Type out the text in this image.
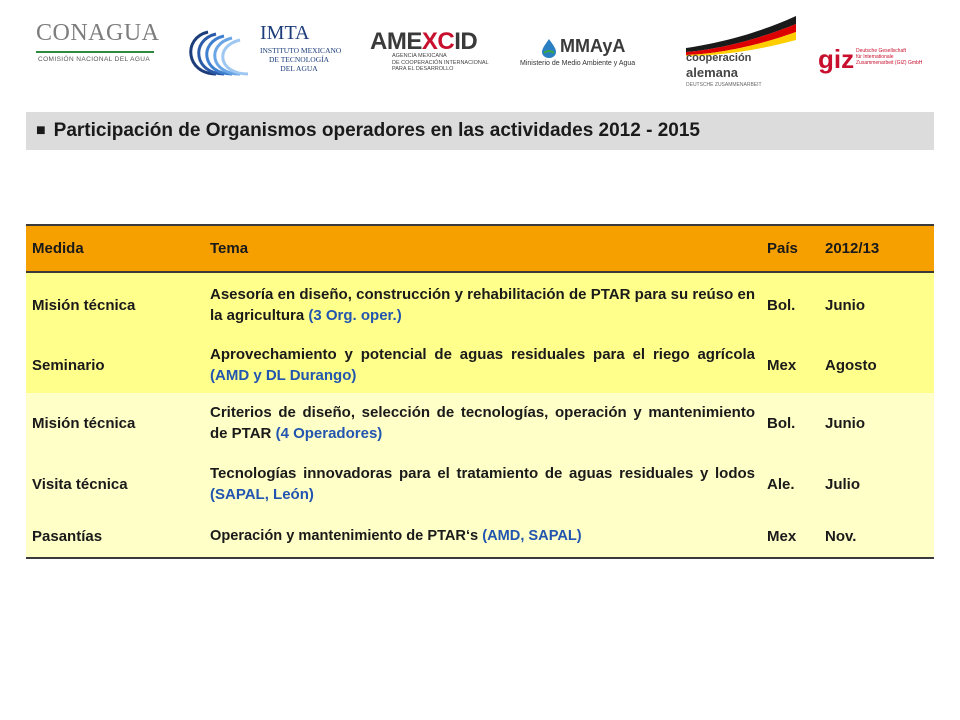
CONAGUA
COMISIÓN NACIONAL DEL AGUA
IMTA
INSTITUTO MEXICANO
DE TECNOLOGÍA
DEL AGUA
AMEXCID
AGENCIA MEXICANA
DE COOPERACIÓN INTERNACIONAL
PARA EL DESARROLLO
MMAyA
Ministerio de Medio Ambiente y Agua	cooperación
alemana
DEUTSCHE ZUSAMMENARBEIT
giz Deutsche Gesellschaft
für Internationale
Zusammenarbeit (GIZ) GmbH
■ Participación de Organismos operadores en las actividades 2012 - 2015
Medida	Tema	País	2012/13
Misión técnica	Asesoría en diseño, construcción y rehabilitación de PTAR para su reúso en la agricultura (3 Org. oper.)	Bol.	Junio
Seminario	Aprovechamiento y potencial de aguas residuales para el riego agrícola (AMD y DL Durango)	Mex	Agosto
Misión técnica	Criterios de diseño, selección de tecnologías, operación y mantenimiento de PTAR (4 Operadores)	Bol.	Junio
Visita técnica	Tecnologías innovadoras para el tratamiento de aguas residuales y lodos (SAPAL, León)	Ale.	Julio
Pasantías	Operación y mantenimiento de PTAR‘s (AMD, SAPAL)	Mex	Nov.
